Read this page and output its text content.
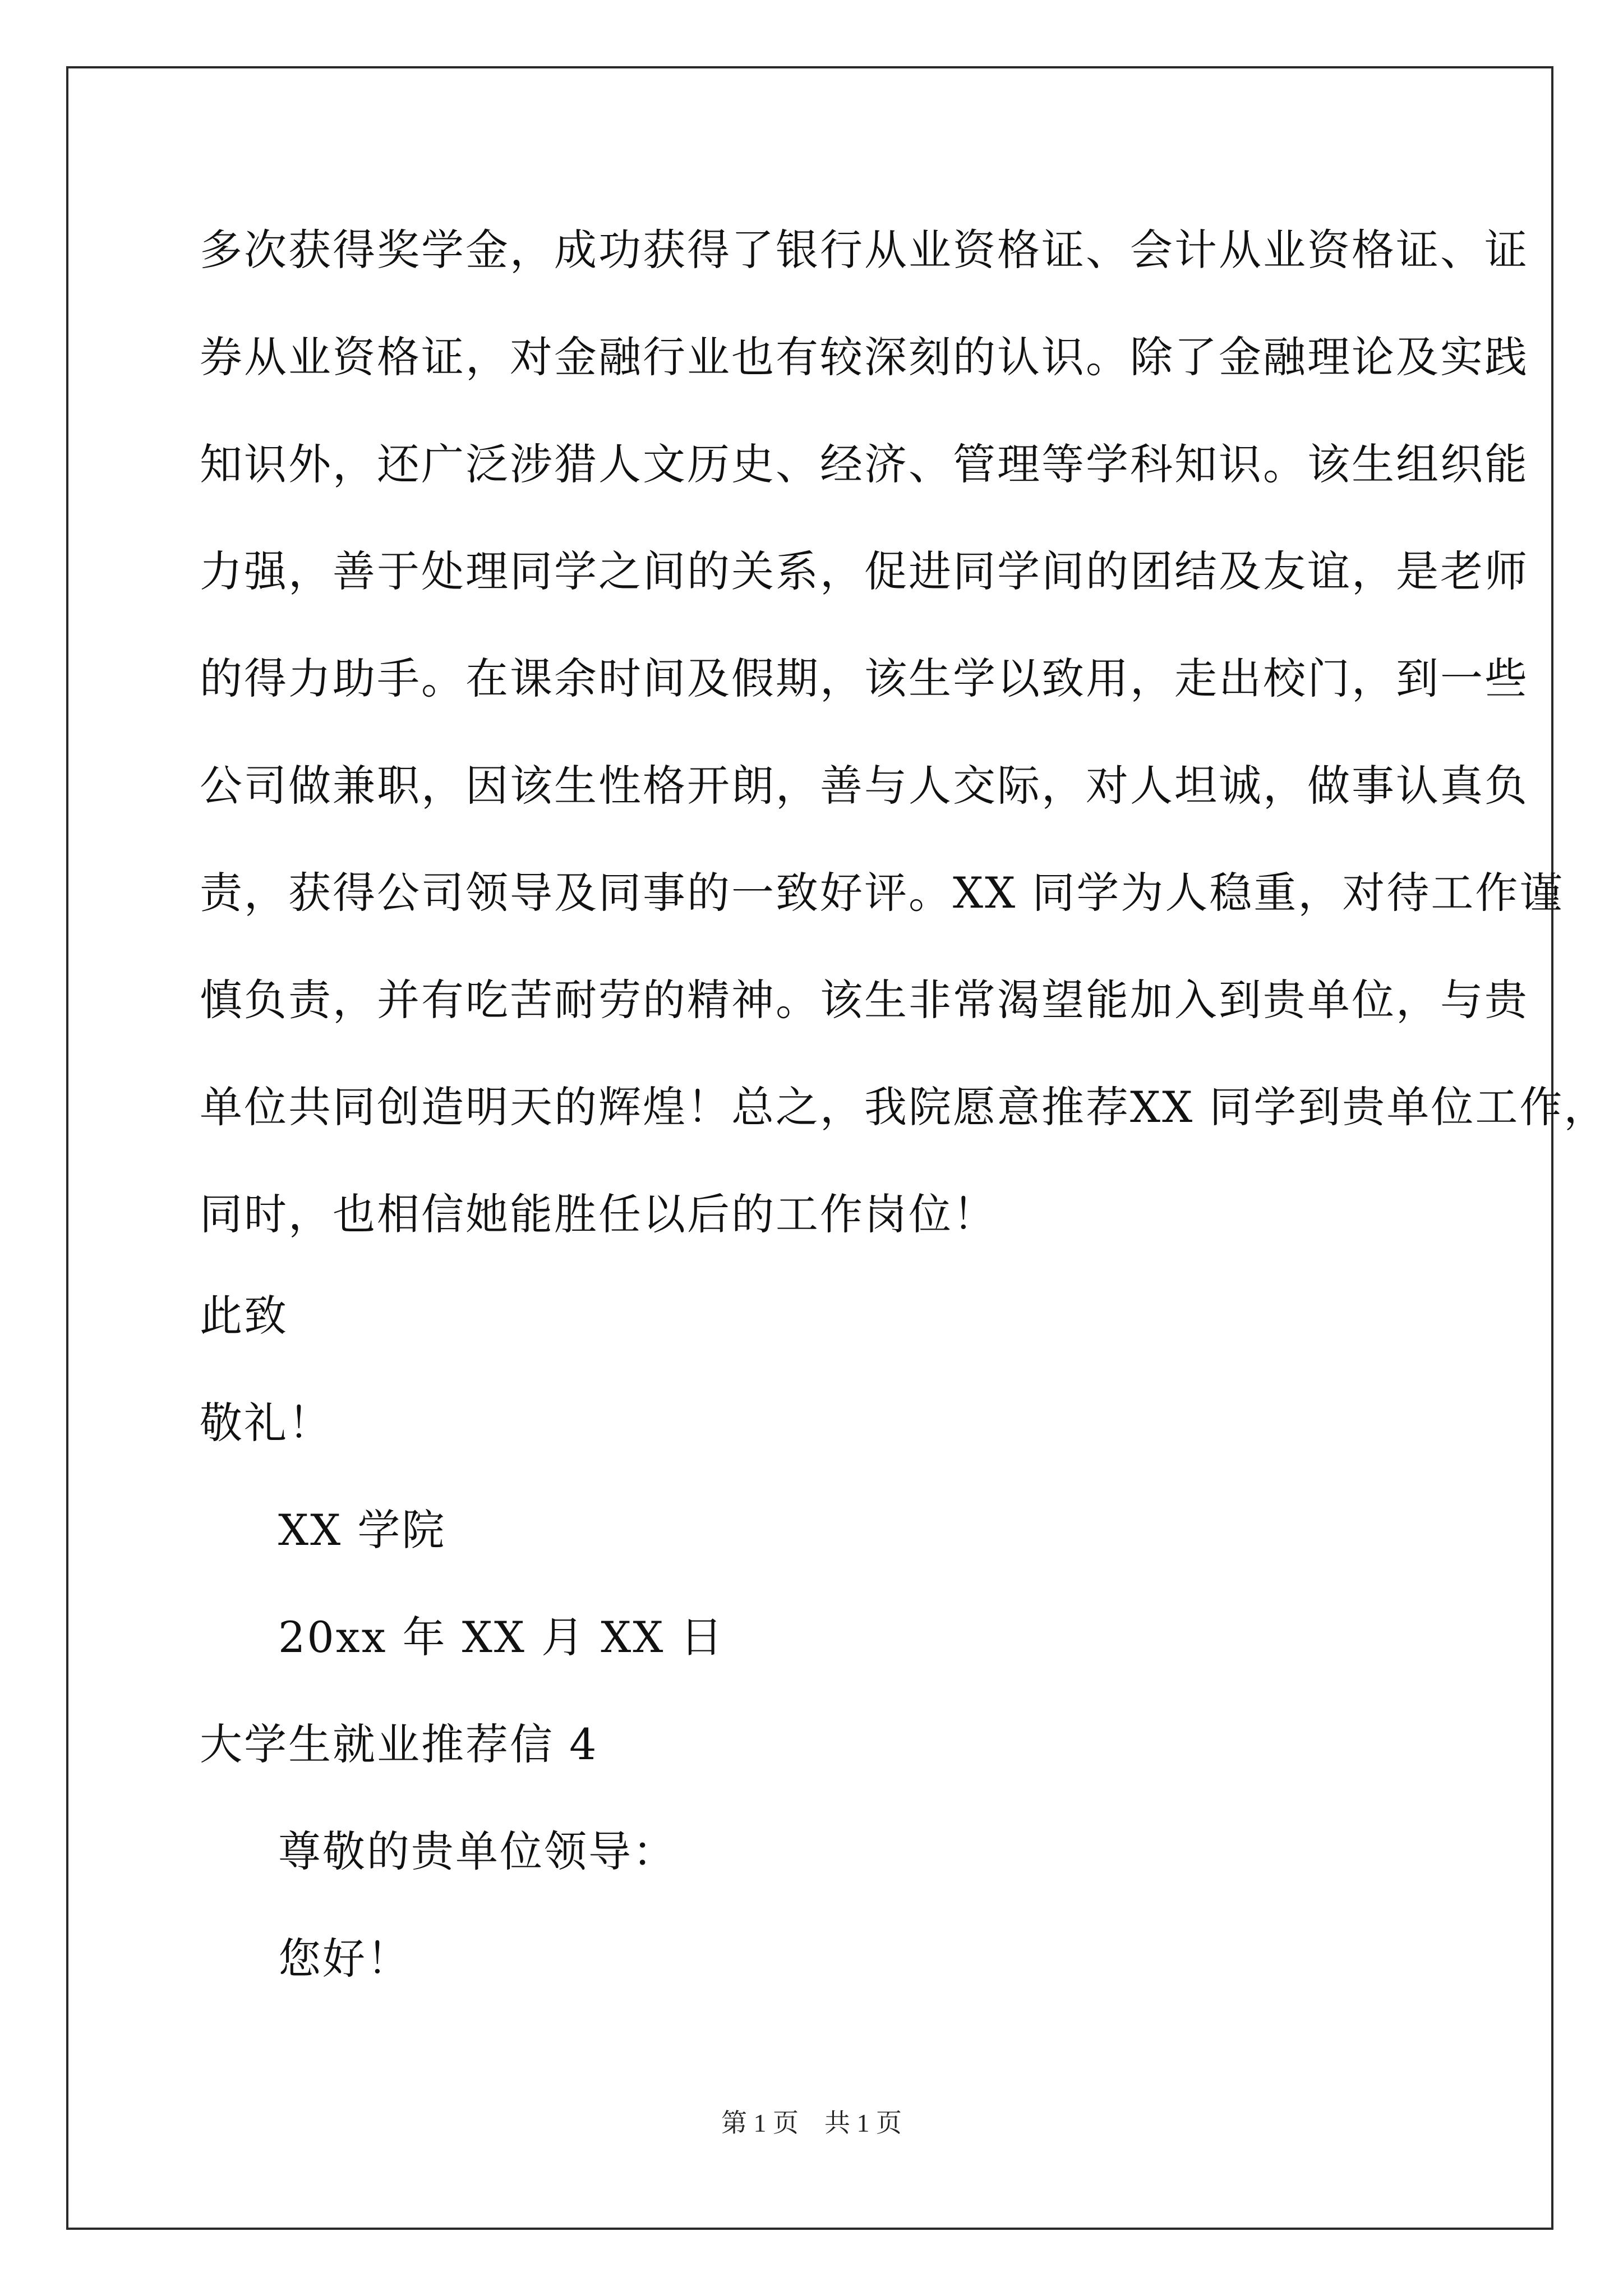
多次获得奖学金，成功获得了银行从业资格证、会计从业资格证、证
券从业资格证，对金融行业也有较深刻的认识。除了金融理论及实践
知识外，还广泛涉猎人文历史、经济、管理等学科知识。该生组织能
力强，善于处理同学之间的关系，促进同学间的团结及友谊，是老师
的得力助手。在课余时间及假期，该生学以致用，走出校门，到一些
公司做兼职，因该生性格开朗，善与人交际，对人坦诚，做事认真负
责，获得公司领导及同事的一致好评。XX 同学为人稳重，对待工作谨
慎负责，并有吃苦耐劳的精神。该生非常渴望能加入到贵单位，与贵
单位共同创造明天的辉煌！总之，我院愿意推荐XX 同学到贵单位工作，
同时，也相信她能胜任以后的工作岗位！
此致
敬礼！
XX 学院
20xx 年 XX 月 XX 日
大学生就业推荐信 4
尊敬的贵单位领导：
您好！
第 1 页    共 1 页
